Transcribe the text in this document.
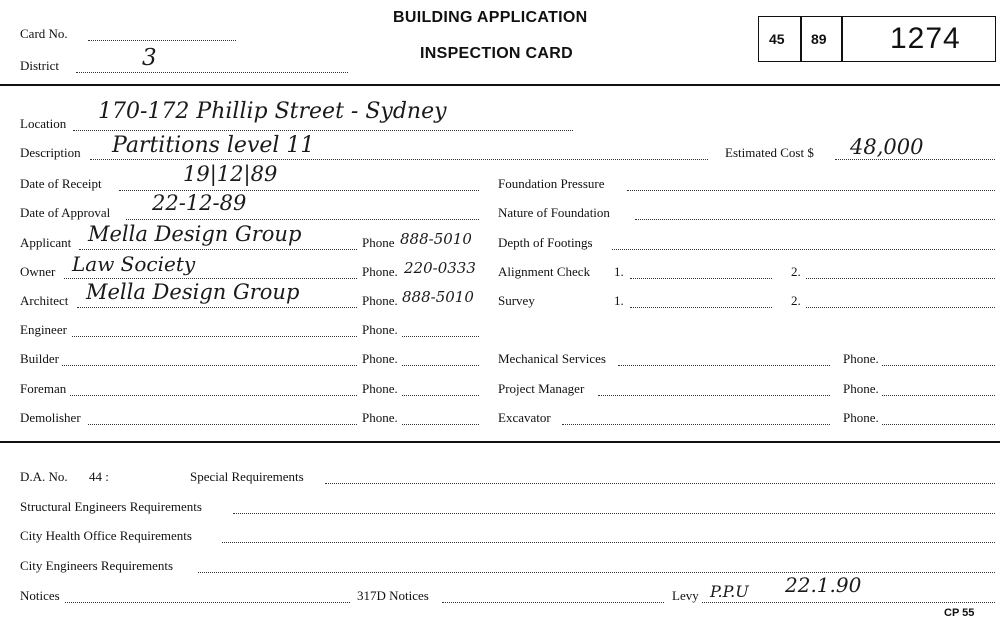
Card No.
District	3
BUILDING APPLICATION
INSPECTION CARD
45 89 1274
Location 170-172 Phillip Street - Sydney
Description Partitions level 11	Estimated Cost $ 48,000
Date of Receipt	19|12|89
Date of Approval 22-12-89
Applicant Mella Design Group	Phone 888-5010
Owner Law Society	Phone. 220-0333
Architect Mella Design Group	Phone. 888-5010
Engineer	Phone.
Builder	Phone.
Foreman	Phone.
Demolisher	Phone.
Foundation Pressure
Nature of Foundation
Depth of Footings
Alignment Check 1.	2.
Survey	1.	2.
Mechanical Services	Phone.
Project Manager	Phone.
Excavator	Phone.
D.A. No. 44 :	Special Requirements
Structural Engineers Requirements
City Health Office Requirements
City Engineers Requirements
Notices	317D Notices	Levy P.P.U 22.1.90
CP 55
